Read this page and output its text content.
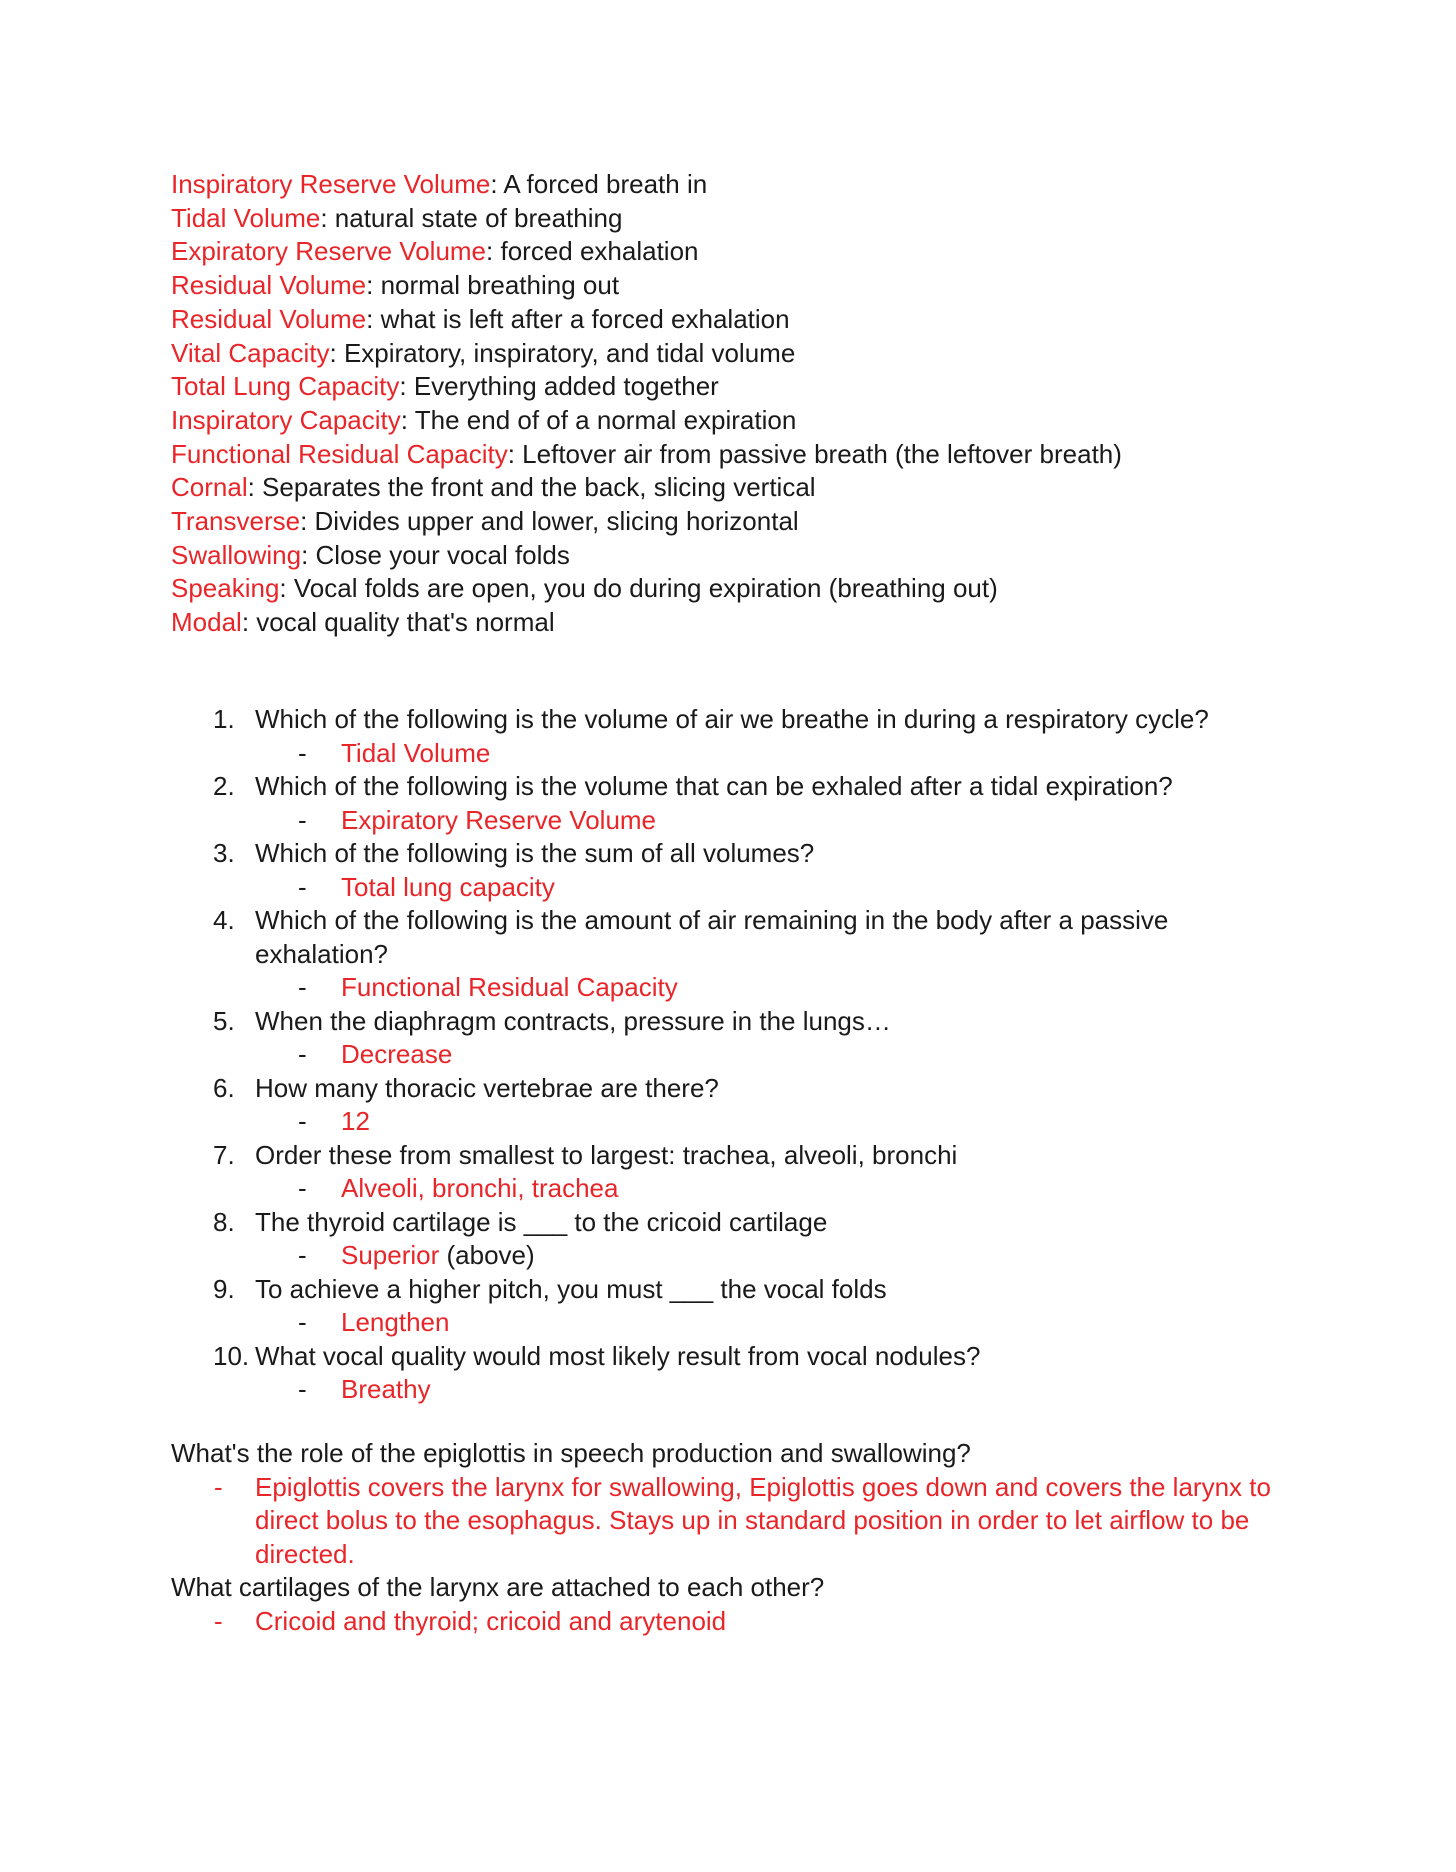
Inspiratory Reserve Volume: A forced breath in
Tidal Volume: natural state of breathing
Expiratory Reserve Volume: forced exhalation
Residual Volume: normal breathing out
Residual Volume: what is left after a forced exhalation
Vital Capacity: Expiratory, inspiratory, and tidal volume
Total Lung Capacity: Everything added together
Inspiratory Capacity: The end of of a normal expiration
Functional Residual Capacity: Leftover air from passive breath (the leftover breath)
Cornal: Separates the front and the back, slicing vertical
Transverse: Divides upper and lower, slicing horizontal
Swallowing: Close your vocal folds
Speaking: Vocal folds are open, you do during expiration (breathing out)
Modal: vocal quality that's normal
1. Which of the following is the volume of air we breathe in during a respiratory cycle?
- Tidal Volume
2. Which of the following is the volume that can be exhaled after a tidal expiration?
- Expiratory Reserve Volume
3. Which of the following is the sum of all volumes?
- Total lung capacity
4. Which of the following is the amount of air remaining in the body after a passive
exhalation?
- Functional Residual Capacity
5. When the diaphragm contracts, pressure in the lungs…
- Decrease
6. How many thoracic vertebrae are there?
- 12
7. Order these from smallest to largest: trachea, alveoli, bronchi
- Alveoli, bronchi, trachea
8. The thyroid cartilage is ___ to the cricoid cartilage
- Superior (above)
9. To achieve a higher pitch, you must ___ the vocal folds
- Lengthen
10. What vocal quality would most likely result from vocal nodules?
- Breathy
What's the role of the epiglottis in speech production and swallowing?
- Epiglottis covers the larynx for swallowing, Epiglottis goes down and covers the larynx to
direct bolus to the esophagus. Stays up in standard position in order to let airflow to be
directed.
What cartilages of the larynx are attached to each other?
- Cricoid and thyroid; cricoid and arytenoid
